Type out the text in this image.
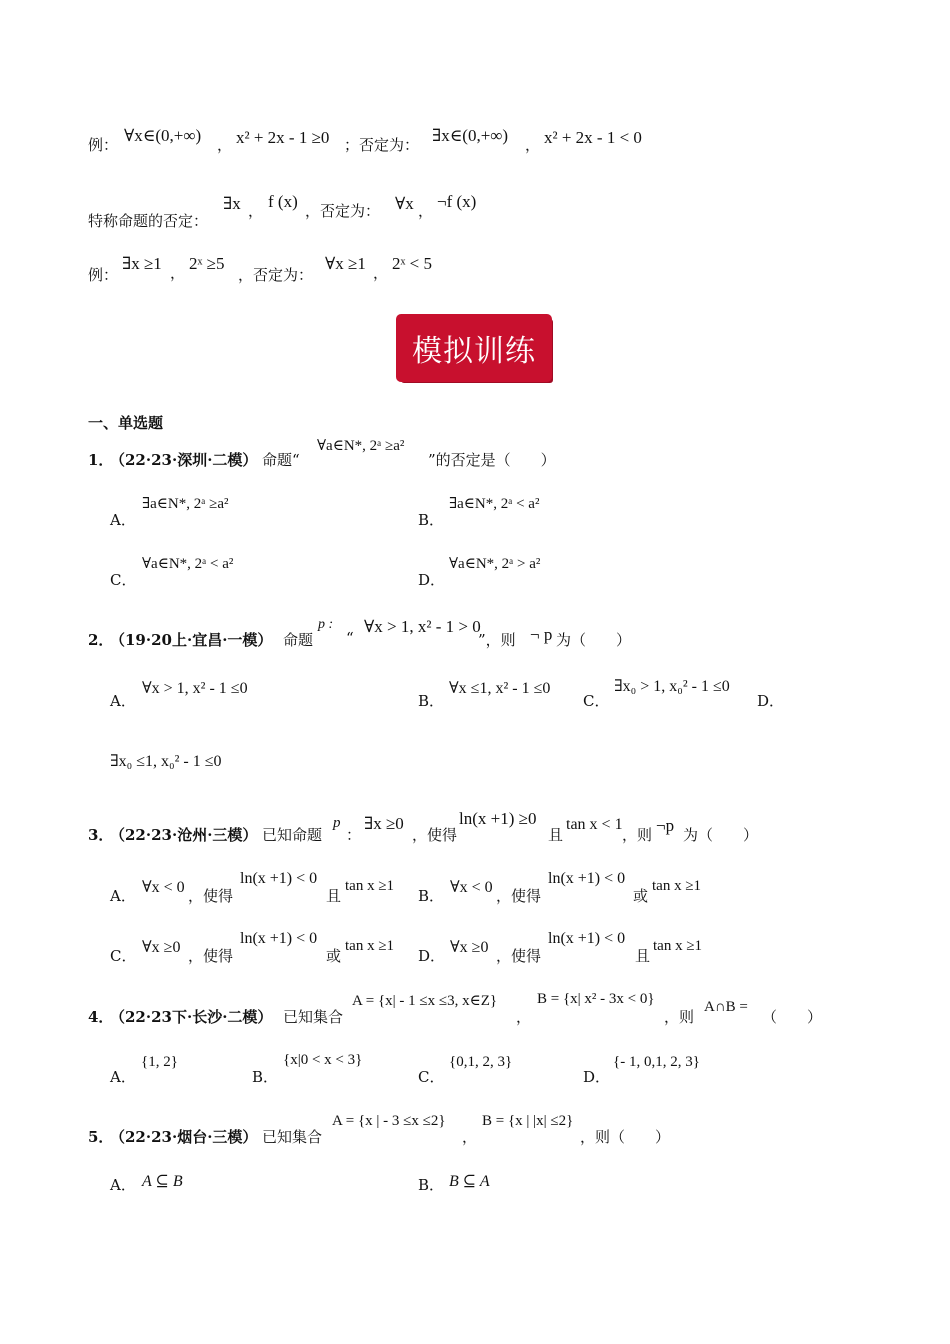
例： ∀x∈(0,+∞) ， x² + 2x - 1 ≥0 ；否定为： ∃x∈(0,+∞) ， x² + 2x - 1 < 0
特称命题的否定：
∃x ， f (x) ，否定为： ∀x ， ¬f (x)
例：
∃x ≥1 ， 2ˣ ≥5
，否定为：
∀x ≥1 ， 2ˣ < 5
模拟训练
一、单选题
1．
（22·23·深圳·二模） 命题“
∀a∈N*, 2ᵃ ≥a²
”的否定是（　　）
A．
∃a∈N*, 2ᵃ ≥a²
B．
∃a∈N*, 2ᵃ < a²
C．
∀a∈N*, 2ᵃ < a²
D．
∀a∈N*, 2ᵃ > a²
2．
（19·20上·宜昌·一模） 命题
p :
“
∀x > 1, x² - 1 > 0
”，则 ¬ p 为（　　）
A．
∀x > 1, x² - 1 ≤0
B．
∀x ≤1, x² - 1 ≤0
C．
∃x₀ > 1, x₀² - 1 ≤0
D．
∃x₀ ≤1, x₀² - 1 ≤0
3．
（22·23·沧州·三模） 已知命题
p
：
∃x ≥0
，使得
ln(x +1) ≥0
且
tan x < 1
，则 ¬p 为（　　）
A． ∀x < 0 ，使得
ln(x +1) < 0
且
tan x ≥1
B． ∀x < 0 ，使得
ln(x +1) < 0
或
tan x ≥1
C． ∀x ≥0 ，使得
ln(x +1) < 0
或
tan x ≥1
D． ∀x ≥0 ，使得
ln(x +1) < 0
且
tan x ≥1
4．
（22·23下·长沙·二模） 已知集合
A = {x| - 1 ≤x ≤3, x∈Z}
，
B = {x| x² - 3x < 0}
，则
A∩B =
（　　）
A．
{1, 2}
B．
{x|0 < x < 3}
C．
{0,1, 2, 3}
D．
{- 1, 0,1, 2, 3}
5．
（22·23·烟台·三模） 已知集合
A = {x | - 3 ≤x ≤2}
，
B = {x | |x| ≤2}
，则（　　）
A． A ⊆ B	B． B ⊆ A
